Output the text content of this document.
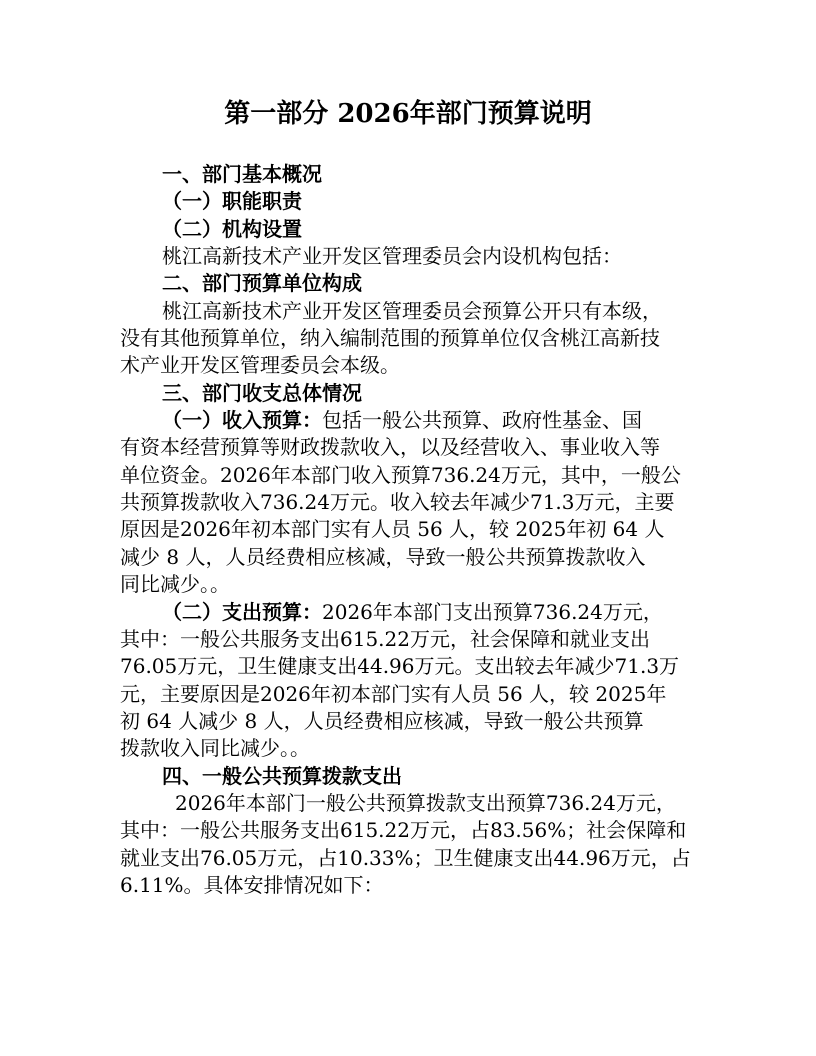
第一部分 2026年部门预算说明
一、部门基本概况
（一）职能职责
（二）机构设置
桃江高新技术产业开发区管理委员会内设机构包括：
二、部门预算单位构成
桃江高新技术产业开发区管理委员会预算公开只有本级，
没有其他预算单位，纳入编制范围的预算单位仅含桃江高新技
术产业开发区管理委员会本级。
三、部门收支总体情况
（一）收入预算：包括一般公共预算、政府性基金、国
有资本经营预算等财政拨款收入，以及经营收入、事业收入等
单位资金。2026年本部门收入预算736.24万元，其中，一般公
共预算拨款收入736.24万元。收入较去年减少71.3万元，主要
原因是2026年初本部门实有人员 56 人，较 2025年初 64 人
减少 8 人，人员经费相应核减，导致一般公共预算拨款收入
同比减少。。
（二）支出预算：2026年本部门支出预算736.24万元，
其中：一般公共服务支出615.22万元，社会保障和就业支出
76.05万元，卫生健康支出44.96万元。支出较去年减少71.3万
元，主要原因是2026年初本部门实有人员 56 人，较 2025年
初 64 人减少 8 人，人员经费相应核减，导致一般公共预算
拨款收入同比减少。。
四、一般公共预算拨款支出
2026年本部门一般公共预算拨款支出预算736.24万元，
其中：一般公共服务支出615.22万元，占83.56%；社会保障和
就业支出76.05万元，占10.33%；卫生健康支出44.96万元，占
6.11%。具体安排情况如下：
